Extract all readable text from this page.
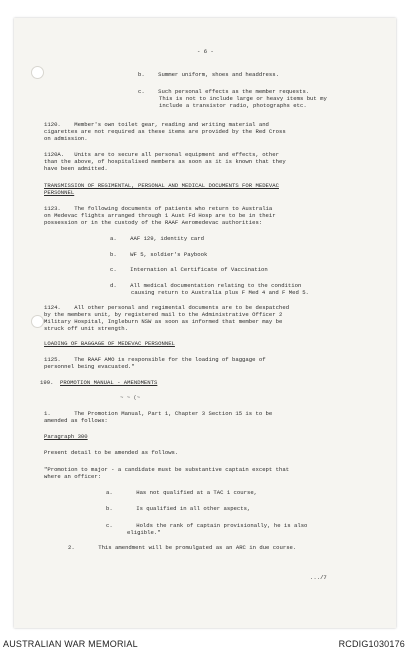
- 6 -
b.    Summer uniform, shoes and headdress.
c.    Such personal effects as the member requests.
This is not to include large or heavy items but my
include a transistor radio, photographs etc.
1120.    Member's own toilet gear, reading and writing material and
cigarettes are not required as these items are provided by the Red Cross
on admission.
1120A.   Units are to secure all personal equipment and effects, other
than the above, of hospitalised members as soon as it is known that they
have been admitted.
TRANSMISSION OF REGIMENTAL, PERSONAL AND MEDICAL DOCUMENTS FOR MEDEVAC
PERSONNEL
1123.    The following documents of patients who return to Australia
on Medevac flights arranged through 1 Aust Fd Hosp are to be in their
possession or in the custody of the RAAF Aeromedevac authorities:
a.    AAF 129, identity card
b.    WF 5, soldier's Paybook
c.    Internation al Certificate of Vaccination
d.    All medical documentation relating to the condition
causing return to Australia plus F Med 4 and F Med 5.
1124.    All other personal and regimental documents are to be despatched
by the members unit, by registered mail to the Administrative Officer 2
Military Hospital, Ingleburn NSW as soon as informed that member may be
struck off unit strength.
LOADING OF BAGGAGE OF MEDEVAC PERSONNEL
1125.    The RAAF AMO is responsible for the loading of baggage of
personnel being evacuated."
199. PROMOTION MANUAL - AMENDMENTS
~ ~ (~
1.       The Promotion Manual, Part 1, Chapter 3 Section 15 is to be
amended as follows:
Paragraph 300
Present detail to be amended as follows.
"Promotion to major - a candidate must be substantive captain except that
where an officer:
a.       Has not qualified at a TAC 1 course,
b.       Is qualified in all other aspects,
c.       Holds the rank of captain provisionally, he is also
eligible."
2.       This amendment will be promulgated as an ARC in due course.
.../7
AUSTRALIAN WAR MEMORIAL	RCDIG1030176
